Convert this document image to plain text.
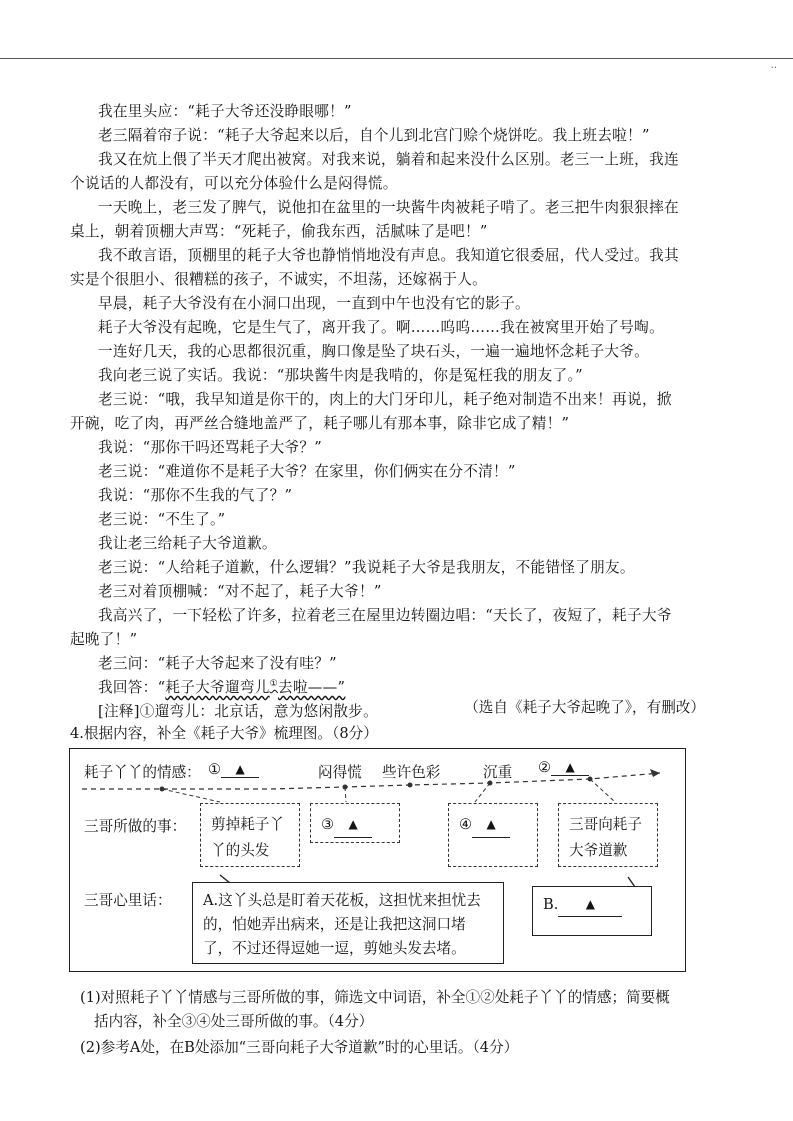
..
我在里头应：“耗子大爷还没睁眼哪！”
老三隔着帘子说：“耗子大爷起来以后，自个儿到北宫门赊个烧饼吃。我上班去啦！”
我又在炕上偎了半天才爬出被窝。对我来说，躺着和起来没什么区别。老三一上班，我连
个说话的人都没有，可以充分体验什么是闷得慌。
一天晚上，老三发了脾气，说他扣在盆里的一块酱牛肉被耗子啃了。老三把牛肉狠狠摔在
桌上，朝着顶棚大声骂：“死耗子，偷我东西，活腻味了是吧！”
我不敢言语，顶棚里的耗子大爷也静悄悄地没有声息。我知道它很委屈，代人受过。我其
实是个很胆小、很糟糕的孩子，不诚实，不坦荡，还嫁祸于人。
早晨，耗子大爷没有在小洞口出现，一直到中午也没有它的影子。
耗子大爷没有起晚，它是生气了，离开我了。啊……呜呜……我在被窝里开始了号啕。
一连好几天，我的心思都很沉重，胸口像是坠了块石头，一遍一遍地怀念耗子大爷。
我向老三说了实话。我说：“那块酱牛肉是我啃的，你是冤枉我的朋友了。”
老三说：“哦，我早知道是你干的，肉上的大门牙印儿，耗子绝对制造不出来！再说，掀
开碗，吃了肉，再严丝合缝地盖严了，耗子哪儿有那本事，除非它成了精！”
我说：“那你干吗还骂耗子大爷？”
老三说：“难道你不是耗子大爷？在家里，你们俩实在分不清！”
我说：“那你不生我的气了？”
老三说：“不生了。”
我让老三给耗子大爷道歉。
老三说：“人给耗子道歉，什么逻辑？”我说耗子大爷是我朋友，不能错怪了朋友。
老三对着顶棚喊：“对不起了，耗子大爷！”
我高兴了，一下轻松了许多，拉着老三在屋里边转圈边唱：“天长了，夜短了，耗子大爷
起晚了！”
老三问：“耗子大爷起来了没有哇？”
我回答：“耗子大爷遛弯儿①去啦——”
[注释]①遛弯儿：北京话，意为悠闲散步。	（选自《耗子大爷起晚了》，有删改）
4.根据内容，补全《耗子大爷》梳理图。（8分）
耗子丫丫的情感： ① ▲	闷得慌 些许色彩	沉重 ② ▲
三哥所做的事：	剪掉耗子丫丫的头发
③ ▲	④ ▲	三哥向耗子大爷道歉
三哥心里话：	A.这丫头总是盯着天花板，这担忧来担忧去的，怕她弄出病来，还是让我把这洞口堵了，不过还得逗她一逗，剪她头发去堵。
B. ▲
(1)对照耗子丫丫情感与三哥所做的事，筛选文中词语，补全①②处耗子丫丫的情感；简要概
括内容，补全③④处三哥所做的事。（4分）
(2)参考A处，在B处添加“三哥向耗子大爷道歉”时的心里话。（4分）
